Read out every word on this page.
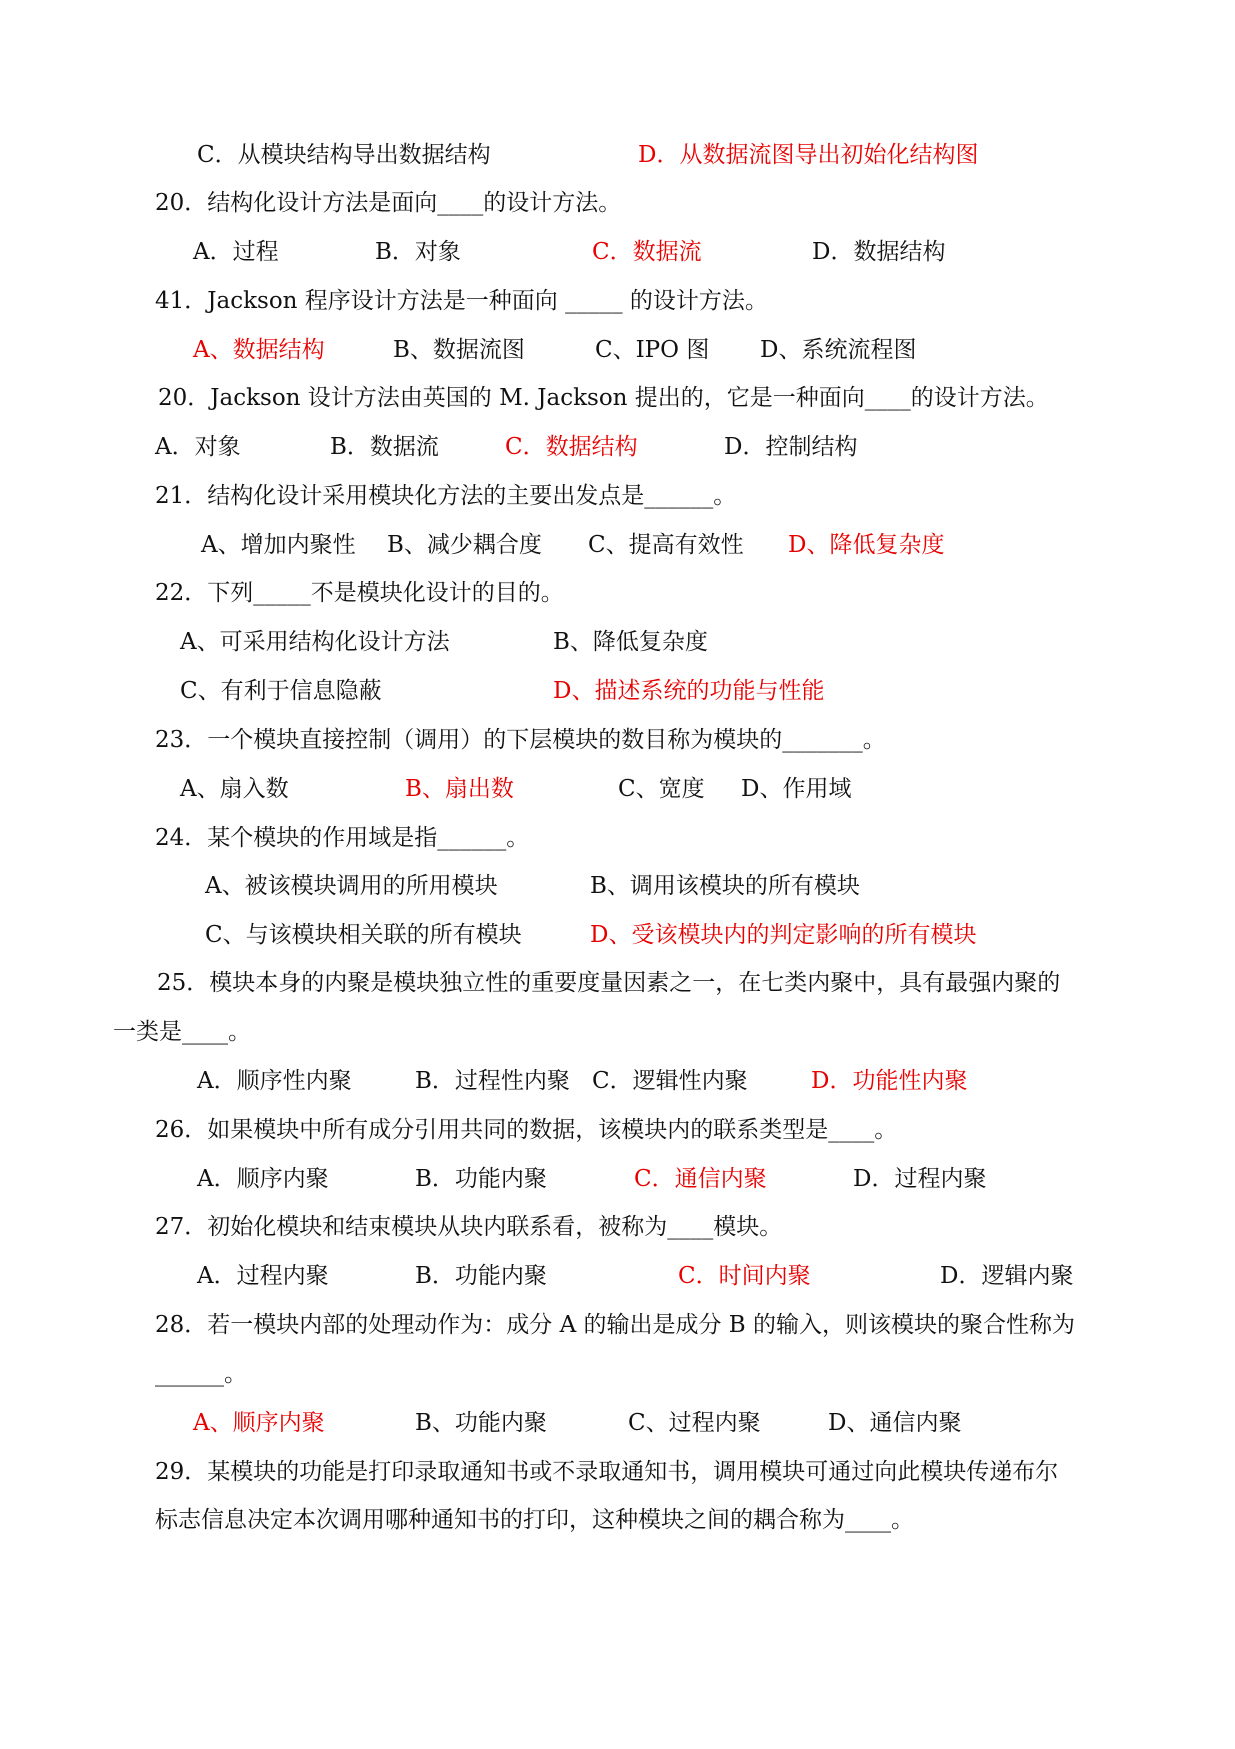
C．从模块结构导出数据结构	D．从数据流图导出初始化结构图
20．结构化设计方法是面向____的设计方法。
A．过程	B．对象	C．数据流	D．数据结构
41．Jackson 程序设计方法是一种面向 _____ 的设计方法。
A、数据结构	B、数据流图	C、IPO 图 D、系统流程图
20．Jackson 设计方法由英国的 M. Jackson 提出的，它是一种面向____的设计方法。
A．对象	B．数据流	C．数据结构	D．控制结构
21．结构化设计采用模块化方法的主要出发点是______。
A、增加内聚性 B、减少耦合度 C、提高有效性 D、降低复杂度
22．下列_____不是模块化设计的目的。
A、可采用结构化设计方法	B、降低复杂度
C、有利于信息隐蔽	D、描述系统的功能与性能
23．一个模块直接控制（调用）的下层模块的数目称为模块的_______。
A、扇入数	B、扇出数	C、宽度 D、作用域
24．某个模块的作用域是指______。
A、被该模块调用的所用模块	B、调用该模块的所有模块
C、与该模块相关联的所有模块	D、受该模块内的判定影响的所有模块
25．模块本身的内聚是模块独立性的重要度量因素之一，在七类内聚中，具有最强内聚的
一类是____。
A．顺序性内聚	B．过程性内聚 C．逻辑性内聚	D．功能性内聚
26．如果模块中所有成分引用共同的数据，该模块内的联系类型是____。
A．顺序内聚	B．功能内聚	C．通信内聚	D．过程内聚
27．初始化模块和结束模块从块内联系看，被称为____模块。
A．过程内聚	B．功能内聚	C．时间内聚	D．逻辑内聚
28．若一模块内部的处理动作为：成分 A 的输出是成分 B 的输入，则该模块的聚合性称为
______。
A、顺序内聚	B、功能内聚	C、过程内聚	D、通信内聚
29．某模块的功能是打印录取通知书或不录取通知书，调用模块可通过向此模块传递布尔
标志信息决定本次调用哪种通知书的打印，这种模块之间的耦合称为____。
